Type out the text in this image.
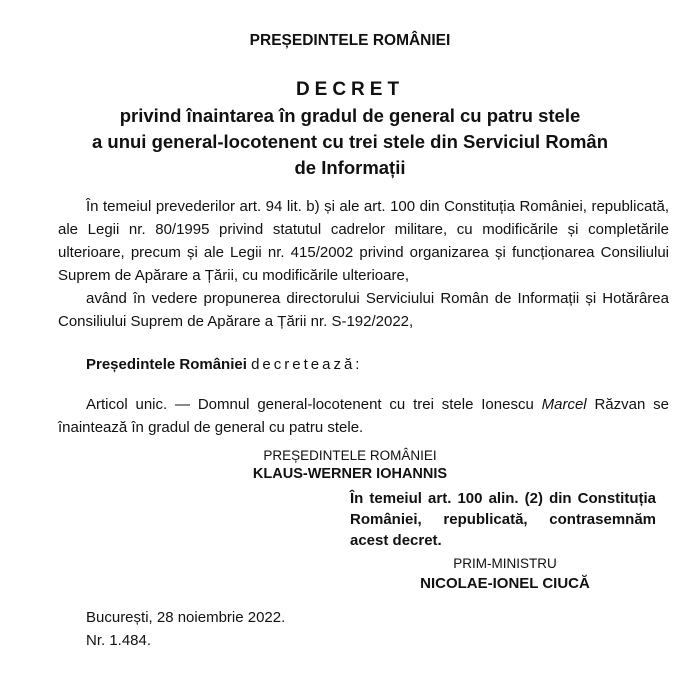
PREȘEDINTELE ROMÂNIEI

DECRET

privind înaintarea în gradul de general cu patru stele
a unui general-locotenent cu trei stele din Serviciul Român
de Informații

În temeiul prevederilor art. 94 lit. b) și ale art. 100 din Constituția României, republicată, ale Legii nr. 80/1995 privind statutul cadrelor militare, cu modificările și completările ulterioare, precum și ale Legii nr. 415/2002 privind organizarea și funcționarea Consiliului Suprem de Apărare a Țării, cu modificările ulterioare,

având în vedere propunerea directorului Serviciului Român de Informații și Hotărârea Consiliului Suprem de Apărare a Țării nr. S-192/2022,

Președintele României decretează:

Articol unic. — Domnul general-locotenent cu trei stele Ionescu Marcel Răzvan se înaintează în gradul de general cu patru stele.

PREȘEDINTELE ROMÂNIEI

KLAUS-WERNER IOHANNIS

În temeiul art. 100 alin. (2) din Constituția României, republicată, contrasemnăm acest decret.

PRIM-MINISTRU

NICOLAE-IONEL CIUCĂ

București, 28 noiembrie 2022.
Nr. 1.484.
